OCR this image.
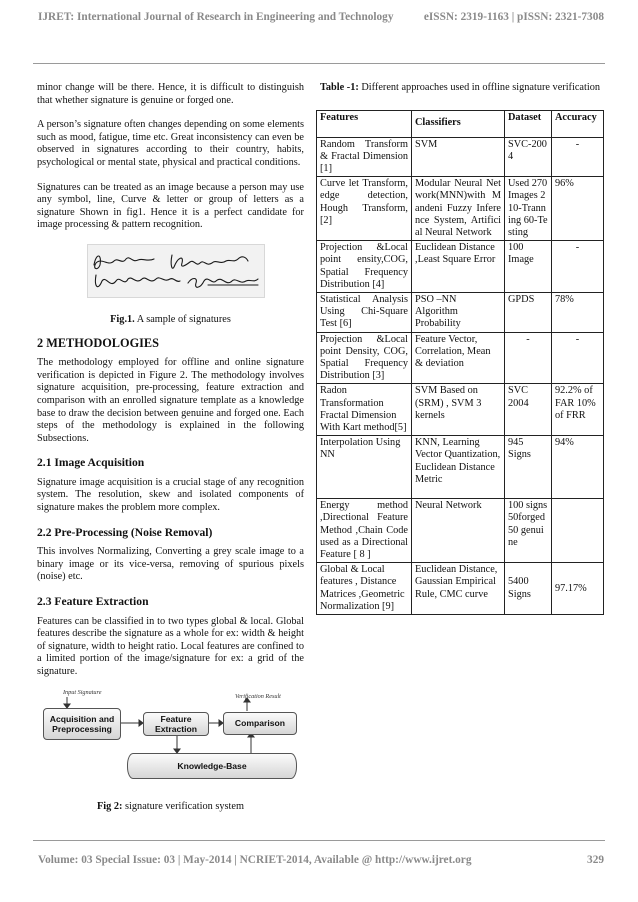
IJRET: International Journal of Research in Engineering and Technology	eISSN: 2319-1163 | pISSN: 2321-7308

minor change will be there. Hence, it is difficult to distinguish that whether signature is genuine or forged one.

A person’s signature often changes depending on some elements such as mood, fatigue, time etc. Great inconsistency can even be observed in signatures according to their country, habits, psychological or mental state, physical and practical conditions.

Signatures can be treated as an image because a person may use any symbol, line, Curve & letter or group of letters as a signature Shown in fig1. Hence it is a perfect candidate for image processing & pattern recognition.

Fig.1. A sample of signatures
2 METHODOLOGIES

The methodology employed for offline and online signature verification is depicted in Figure 2. The methodology involves signature acquisition, pre-processing, feature extraction and comparison with an enrolled signature template as a knowledge base to draw the decision between genuine and forged one. Each steps of the methodology is explained in the following Subsections.

2.1 Image Acquisition

Signature image acquisition is a crucial stage of any recognition system. The resolution, skew and isolated components of signature makes the problem more complex.

2.2 Pre-Processing (Noise Removal)

This involves Normalizing, Converting a grey scale image to a binary image or its vice-versa, removing of spurious pixels (noise) etc.

2.3 Feature Extraction

Features can be classified in to two types global & local. Global features describe the signature as a whole for ex: width & height of signature, width to height ratio. Local features are confined to a limited portion of the image/signature for ex: a grid of the signature.

Input Signature
Verification Result
Acquisition and Preprocessing
Feature Extraction
Comparison
Knowledge-Base
Fig 2: signature verification system
Table -1: Different approaches used in offline signature verification
Features	Classifiers	Dataset	Accuracy
Random Transform & Fractal Dimension [1]	SVM	SVC-2004	-
Curve let Transform, edge detection, Hough Transform, [2]	Modular Neural Network(MNN)with Mandeni Fuzzy Inference System, Artificial Neural Network	Used 270 Images 210-Tranning 60-Testing	96%
Projection &Local point ensity,COG, Spatial Frequency Distribution [4]	Euclidean Distance ,Least Square Error	100 Image	-
Statistical Analysis Using Chi-Square Test [6]	PSO –NN Algorithm Probability	GPDS	78%
Projection &Local point Density, COG, Spatial Frequency Distribution [3]	Feature Vector, Correlation, Mean & deviation	-	-
Radon Transformation Fractal Dimension With Kart method[5]	SVM Based on (SRM) , SVM 3 kernels	SVC 2004	92.2% of FAR 10% of FRR
Interpolation Using NN	KNN, Learning Vector Quantization, Euclidean Distance Metric	945 Signs	94%
Energy method ,Directional Feature Method ,Chain Code used as a Directional Feature [ 8 ]	Neural Network	100 signs 50forged 50 genuine	
Global & Local features , Distance Matrices ,Geometric Normalization [9]	Euclidean Distance, Gaussian Empirical Rule, CMC curve	5400 Signs	97.17%
Volume: 03 Special Issue: 03 | May-2014 | NCRIET-2014, Available @ http://www.ijret.org	329
